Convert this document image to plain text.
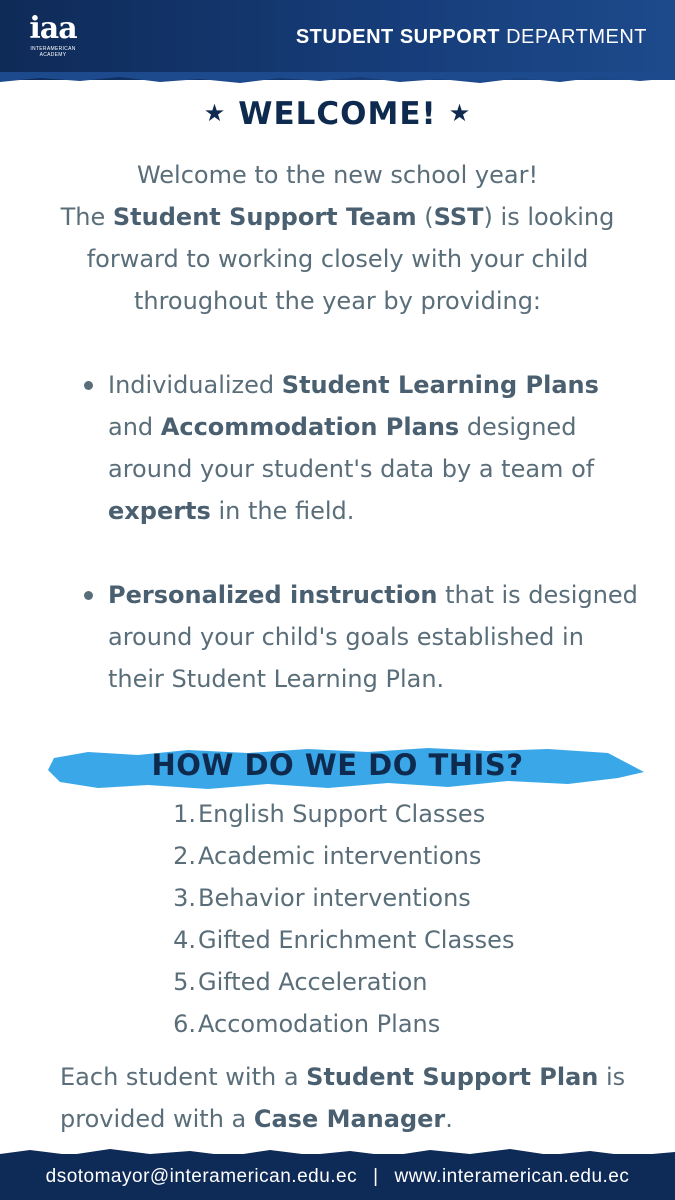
iaa
INTERAMERICAN ACADEMY
STUDENT SUPPORT DEPARTMENT
★ WELCOME! ★
Welcome to the new school year!
The Student Support Team (SST) is looking
forward to working closely with your child
throughout the year by providing:
Individualized Student Learning Plans and Accommodation Plans designed around your student's data by a team of experts in the field.
Personalized instruction that is designed around your child's goals established in their Student Learning Plan.
HOW DO WE DO THIS?
1. English Support Classes
2. Academic interventions
3. Behavior interventions
4. Gifted Enrichment Classes
5. Gifted Acceleration
6. Accomodation Plans
Each student with a Student Support Plan is provided with a Case Manager.
dsotomayor@interamerican.edu.ec | www.interamerican.edu.ec
